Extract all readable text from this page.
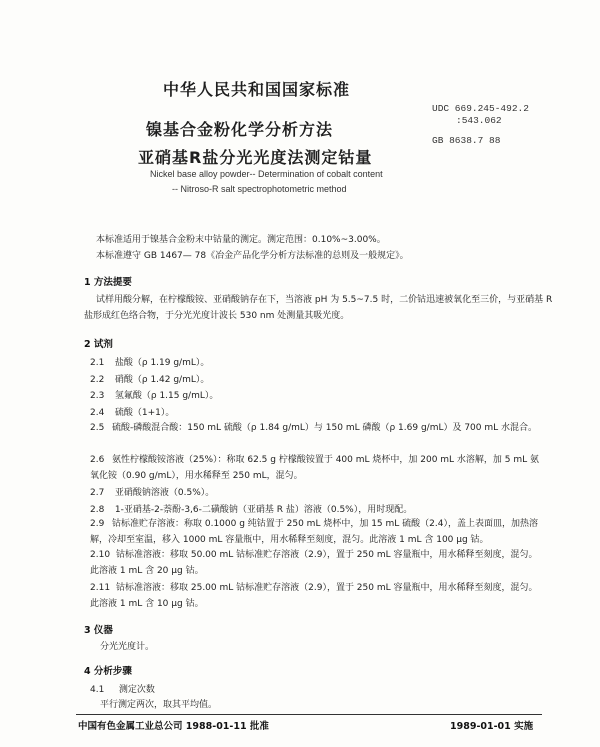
中华人民共和国国家标准
UDC 669.245-492.2
:543.062
GB 8638.7 88
镍基合金粉化学分析方法
亚硝基R盐分光光度法测定钴量
Nickel base alloy powder-- Determination of cobalt content
-- Nitroso-R salt spectrophotometric method
本标准适用于镍基合金粉末中钴量的测定。测定范围：0.10%~3.00%。
本标准遵守 GB 1467— 78《冶金产品化学分析方法标准的总则及一般规定》。
1 方法提要
试样用酸分解，在柠檬酸铵、亚硝酸钠存在下，当溶液 pH 为 5.5~7.5 时，二价钴迅速被氧化至三价，与亚硝基 R 盐形成红色络合物，于分光光度计波长 530 nm 处测量其吸光度。
2 试剂
2.1 盐酸（ρ 1.19 g/mL）。
2.2 硝酸（ρ 1.42 g/mL）。
2.3 氢氟酸（ρ 1.15 g/mL）。
2.4 硫酸（1+1）。
2.5 硫酸-磷酸混合酸：150 mL 硫酸（ρ 1.84 g/mL）与 150 mL 磷酸（ρ 1.69 g/mL）及 700 mL 水混合。
2.6 氨性柠檬酸铵溶液（25%）：称取 62.5 g 柠檬酸铵置于 400 mL 烧杯中，加 200 mL 水溶解，加 5 mL 氨氧化铵（0.90 g/mL），用水稀释至 250 mL，混匀。
2.7 亚硝酸钠溶液（0.5%）。
2.8 1-亚硝基-2-萘酚-3,6-二磺酸钠（亚硝基 R 盐）溶液（0.5%），用时现配。
2.9 钴标准贮存溶液：称取 0.1000 g 纯钴置于 250 mL 烧杯中，加 15 mL 硫酸（2.4），盖上表面皿，加热溶解，冷却至室温，移入 1000 mL 容量瓶中，用水稀释至刻度，混匀。此溶液 1 mL 含 100 μg 钴。
2.10 钴标准溶液：移取 50.00 mL 钴标准贮存溶液（2.9），置于 250 mL 容量瓶中，用水稀释至刻度，混匀。此溶液 1 mL 含 20 μg 钴。
2.11 钴标准溶液：移取 25.00 mL 钴标准贮存溶液（2.9），置于 250 mL 容量瓶中，用水稀释至刻度，混匀。此溶液 1 mL 含 10 μg 钴。
3 仪器
分光光度计。
4 分析步骤
4.1 测定次数
平行测定两次，取其平均值。
中国有色金属工业总公司 1988-01-11 批准	1989-01-01 实施
